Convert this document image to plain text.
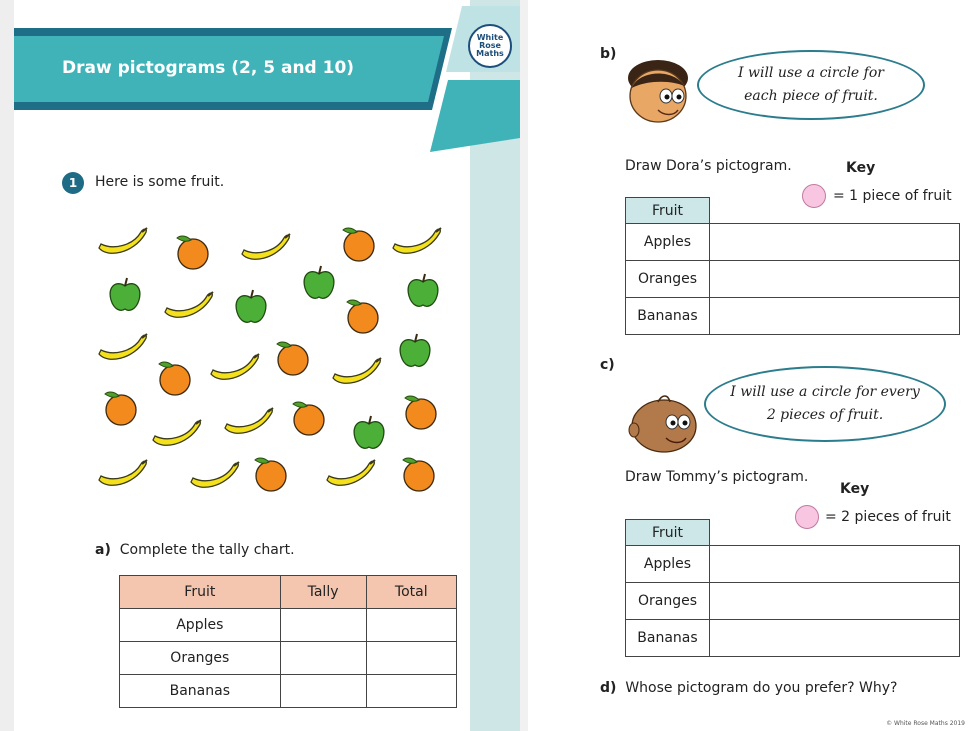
Draw pictograms (2, 5 and 10)
White
Rose
Maths
1	Here is some fruit.
a) Complete the tally chart.
Fruit	Tally	Total
Apples		
Oranges		
Bananas		
b)
I will use a circle for each piece of fruit.
Draw Dora’s pictogram.	Key
= 1 piece of fruit
Fruit	
Apples	
Oranges	
Bananas	
c)
I will use a circle for every 2 pieces of fruit.
Draw Tommy’s pictogram.
Key
= 2 pieces of fruit
Fruit	
Apples	
Oranges	
Bananas	
d) Whose pictogram do you prefer? Why?
© White Rose Maths 2019
